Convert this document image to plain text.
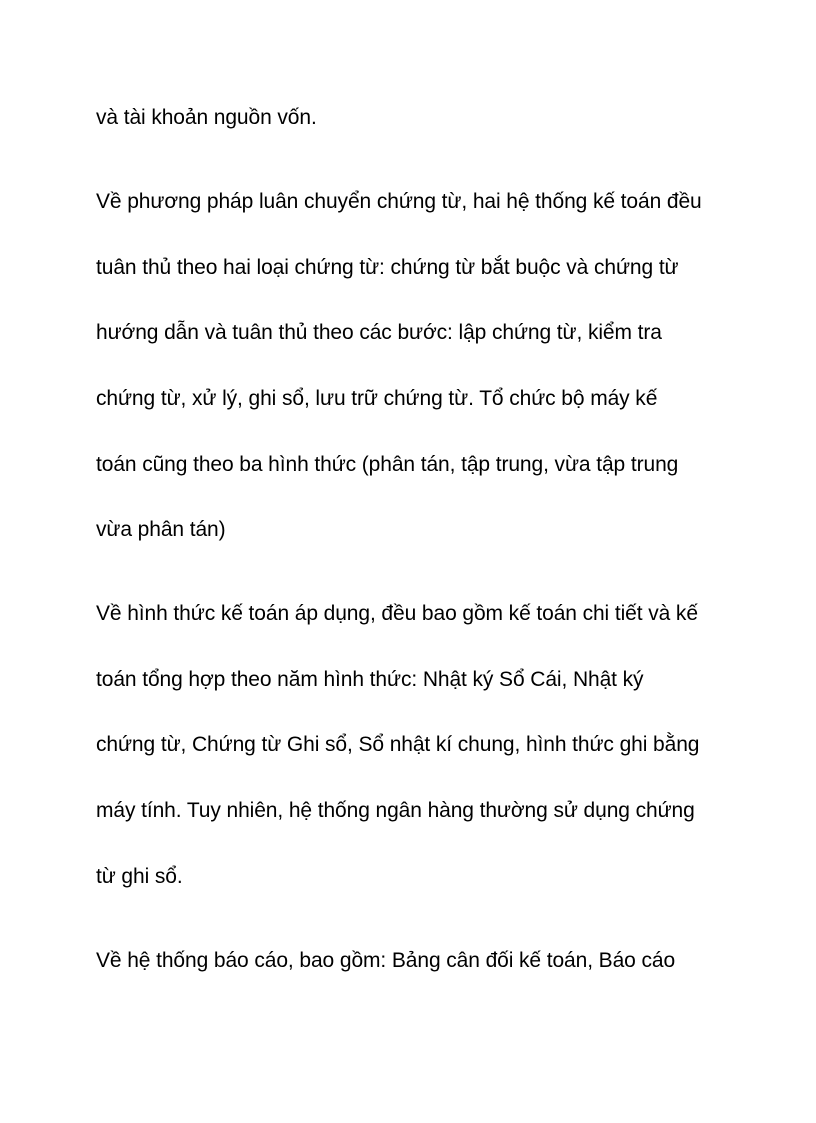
và tài khoản nguồn vốn.

Về phương pháp luân chuyển chứng từ, hai hệ thống kế toán đều

tuân thủ theo hai loại chứng từ: chứng từ bắt buộc và chứng từ

hướng dẫn và tuân thủ theo các bước: lập chứng từ, kiểm tra

chứng từ, xử lý, ghi sổ, lưu trữ chứng từ. Tổ chức bộ máy kế

toán cũng theo ba hình thức (phân tán, tập trung, vừa tập trung

vừa phân tán)

Về hình thức kế toán áp dụng, đều bao gồm kế toán chi tiết và kế

toán tổng hợp theo năm hình thức: Nhật ký Sổ Cái, Nhật ký

chứng từ, Chứng từ Ghi sổ, Sổ nhật kí chung, hình thức ghi bằng

máy tính. Tuy nhiên, hệ thống ngân hàng thường sử dụng chứng

từ ghi sổ.

Về hệ thống báo cáo, bao gồm: Bảng cân đối kế toán, Báo cáo
